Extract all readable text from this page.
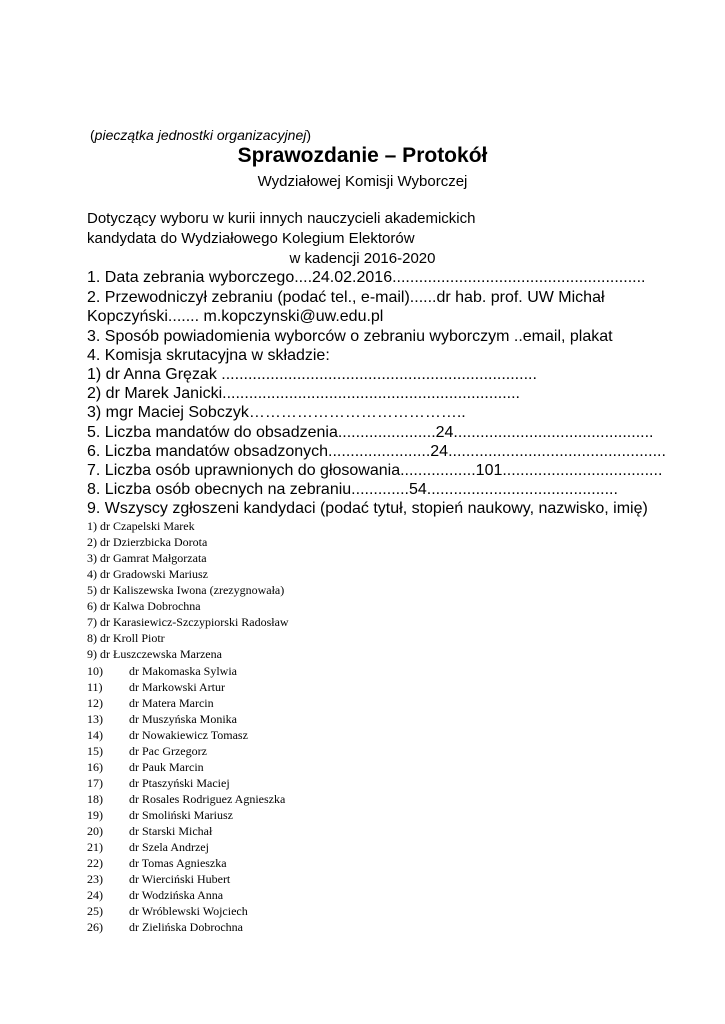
(pieczątka jednostki organizacyjnej)
Sprawozdanie – Protokół
Wydziałowej Komisji Wyborczej
Dotyczący wyboru w kurii innych nauczycieli akademickich
kandydata do Wydziałowego Kolegium Elektorów
w kadencji 2016-2020
1. Data zebrania wyborczego....24.02.2016.........................................................
2. Przewodniczył zebraniu (podać tel., e-mail)......dr hab. prof. UW Michał
Kopczyński....... m.kopczynski@uw.edu.pl
3. Sposób powiadomienia wyborców o zebraniu wyborczym ..email, plakat
4. Komisja skrutacyjna w składzie:
1) dr Anna Gręzak .......................................................................
2) dr Marek Janicki...................................................................
3) mgr Maciej Sobczyk…………………………………..
5. Liczba mandatów do obsadzenia......................24.............................................
6. Liczba mandatów obsadzonych.......................24.................................................
7. Liczba osób uprawnionych do głosowania.................101....................................
8. Liczba osób obecnych na zebraniu.............54...........................................
9. Wszyscy zgłoszeni kandydaci (podać tytuł, stopień naukowy, nazwisko, imię)
1) dr Czapelski Marek
2) dr Dzierzbicka Dorota
3) dr Gamrat Małgorzata
4) dr Gradowski Mariusz
5) dr Kaliszewska Iwona (zrezygnowała)
6) dr Kalwa Dobrochna
7) dr Karasiewicz-Szczypiorski Radosław
8) dr Kroll Piotr
9) dr Łuszczewska Marzena
10) dr Makomaska Sylwia
11) dr Markowski Artur
12) dr Matera Marcin
13) dr Muszyńska Monika
14) dr Nowakiewicz Tomasz
15) dr Pac Grzegorz
16) dr Pauk Marcin
17) dr Ptaszyński Maciej
18) dr Rosales Rodriguez Agnieszka
19) dr Smoliński Mariusz
20) dr Starski Michał
21) dr Szela Andrzej
22) dr Tomas Agnieszka
23) dr Wierciński Hubert
24) dr Wodzińska Anna
25) dr Wróblewski Wojciech
26) dr Zielińska Dobrochna
